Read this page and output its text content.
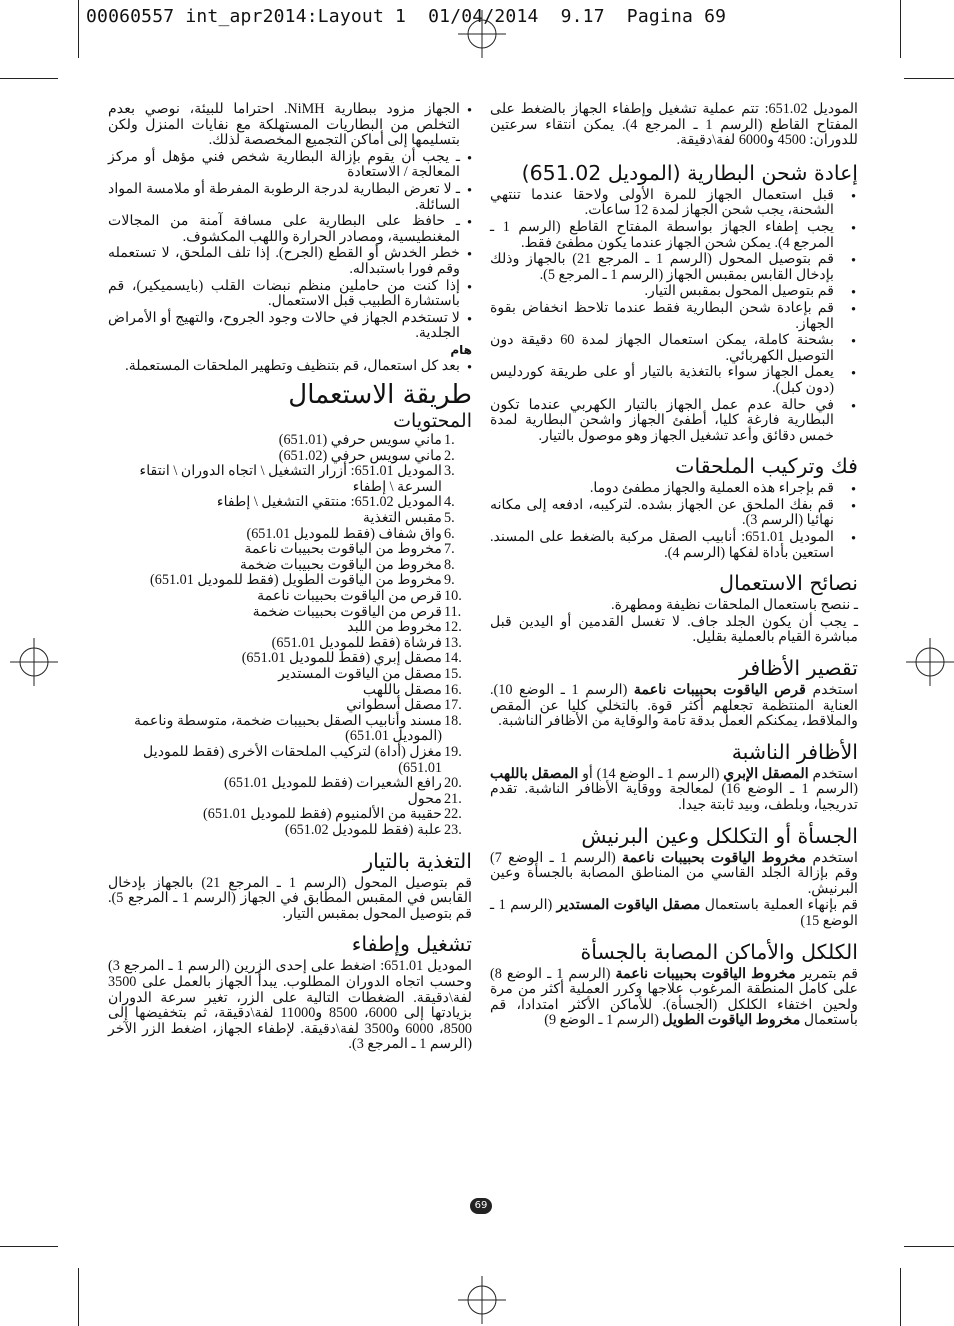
00060557 int_apr2014:Layout 1  01/04/2014  9.17  Pagina 69

الموديل 651.02: تتم عملية تشغيل وإطفاء الجهاز بالضغط على المفتاح القاطع (الرسم 1 ـ المرجع 4). يمكن انتقاء سرعتين للدوران: 4500 و6000 لفة\دقيقة.

إعادة شحن البطارية (الموديل 651.02)
● قبل استعمال الجهاز للمرة الأولى ولاحقا عندما تنتهي الشحنة، يجب شحن الجهاز لمدة 12 ساعات.
● يجب إطفاء الجهاز بواسطة المفتاح القاطع (الرسم 1 ـ المرجع 4). يمكن شحن الجهاز عندما يكون مطفئ فقط.
● قم بتوصيل المحول (الرسم 1 ـ المرجع 21) بالجهاز وذلك بإدخال القابس بمقبس الجهاز (الرسم 1 ـ المرجع 5).
● قم بتوصيل المحول بمقبس التيار.
● قم بإعادة شحن البطارية فقط عندما تلاحظ انخفاض بقوة الجهاز.
● بشحنة كاملة، يمكن استعمال الجهاز لمدة 60 دقيقة دون التوصيل الكهربائي.
● يعمل الجهاز سواء بالتغذية بالتيار أو على طريقة كوردليس (دون كبل).
● في حالة عدم عمل الجهاز بالتيار الكهربي عندما تكون البطارية فارغة كليا، أطفئ الجهاز واشحن البطارية لمدة خمس دقائق وأعد تشغيل الجهاز وهو موصول بالتيار.
فك وتركيب الملحقات
● قم بإجراء هذه العملية والجهاز مطفئ دوما.
● قم بفك الملحق عن الجهاز بشده. لتركيبه، ادفعه إلى مكانه نهائيا (الرسم 3).
● الموديل 651.01: أنابيب الصقل مركبة بالضغط على المسند. استعين بأداة لفكها (الرسم 4).
نصائح الاستعمال

ـ ننصح باستعمال الملحقات نظيفة ومطهرة.

ـ يجب أن يكون الجلد جاف. لا تغسل القدمين أو اليدين قبل مباشرة القيام بالعملية بقليل.

تقصير الأظافر

استخدم قرص الياقوت بحبيبات ناعمة (الرسم 1 ـ الوضع 10). العناية المنتظمة تجعلهم أكثر قوة. بالتخلي كليا عن المقص والملاقط، يمكنكم العمل بدقة تامة والوقاية من الأظافر الناشبة.

الأظافر الناشبة

استخدم المصقل الإبري (الرسم 1 ـ الوضع 14) أو المصقل باللهب (الرسم 1 ـ الوضع 16) لمعالجة ووقاية الأظافر الناشبة. تقدم تدريجيا، وبلطف، وبيد ثابتة جيدا.

الجسأة أو التكلكل وعين البرنيش

استخدم مخروط الياقوت بحبيبات ناعمة (الرسم 1 ـ الوضع 7) وقم بإزالة الجلد القاسي من المناطق المصابة بالجسأة وعين البرنيش.

قم بإنهاء العملية باستعمال مصقل الياقوت المستدير (الرسم 1 ـ الوضع 15)

الكلكل والأماكن المصابة بالجسأة

قم بتمرير مخروط الياقوت بحبيبات ناعمة (الرسم 1 ـ الوضع 8) على كامل المنطقة المرغوب علاجها وكرر العملية أكثر من مرة ولحين اختفاء الكلكل (الجسأة). للأماكن الأكثر امتدادا، قم باستعمال مخروط الياقوت الطويل (الرسم 1 ـ الوضع 9)

● الجهاز مزود ببطارية NiMH. احتراما للبيئة، نوصي بعدم التخلص من البطاريات المستهلكة مع نفايات المنزل ولكن بتسليمها إلى أماكن التجميع المخصصة لذلك.
● ـ يجب أن يقوم بإزالة البطارية شخص فني مؤهل أو مركز المعالجة / الاستعادة
● ـ لا تعرض البطارية لدرجة الرطوبة المفرطة أو ملامسة المواد السائلة.
● ـ حافظ على البطارية على مسافة آمنة من المجالات المغنطيسية، ومصادر الحرارة واللهب المكشوف.
● خطر الخدش أو القطع (الجرح). إذا تلف الملحق، لا تستعمله وقم فورا باستبداله.
● إذا كنت من حاملين منظم نبضات القلب (بايسميكير)، قم باستشارة الطبيب قبل الاستعمال.
● لا تستخدم الجهاز في حالات وجود الجروح، والتهيج أو الأمراض الجلدية.
هام
● بعد كل استعمال، قم بتنظيف وتطهير الملحقات المستعملة.
طريقة الاستعمال
المحتويات
1.
ماني سويس حرفي (651.01)
2.
ماني سويس حرفي (651.02)
3.
الموديل 651.01: أزرار التشغيل \ اتجاه الدوران \ انتقاء السرعة \ إطفاء
4.
الموديل 651.02: منتقي التشغيل \ إطفاء
5.
مقبس التغذية
6.
واق شفاف (فقط للموديل 651.01)
7.
مخروط من الياقوت بحبيبات ناعمة
8.
مخروط من الياقوت بحبيبات ضخمة
9.
مخروط من الياقوت الطويل (فقط للموديل 651.01)
10.
قرص من الياقوت بحبيبات ناعمة
11.
قرص من الياقوت بحبيبات ضخمة
12.
مخروط من اللبد
13.
فرشاة (فقط للموديل 651.01)
14.
مصقل إبري (فقط للموديل 651.01)
15.
مصقل من الياقوت المستدير
16.
مصقل باللهب
17.
مصقل أسطواني
18.
مسند وأنابيب الصقل بحبيبات ضخمة، متوسطة وناعمة (الموديل 651.01)
19.
مغزل (أداة) لتركيب الملحقات الأخرى (فقط للموديل 651.01)
20.
رافع الشعيرات (فقط للموديل 651.01)
21.
محول
22.
حقيبة من الألمنيوم (فقط للموديل 651.01)
23.
علبة (فقط للموديل 651.02)
التغذية بالتيار

قم بتوصيل المحول (الرسم 1 ـ المرجع 21) بالجهاز بإدخال القابس في المقبس المطابق في الجهاز (الرسم 1 ـ المرجع 5). قم بتوصيل المحول بمقبس التيار.

تشغيل وإطفاء

الموديل 651.01: اضغط على إحدى الزرين (الرسم 1 ـ المرجع 3) وحسب اتجاه الدوران المطلوب. يبدأ الجهاز بالعمل على 3500 لفة\دقيقة. الضغطات التالية على الزر، تغير سرعة الدوران بزيادتها إلى 6000، 8500 و11000 لفة\دقيقة، ثم بتخفيضها إلى 8500، 6000 و3500 لفة\دقيقة. لإطفاء الجهاز، اضغط الزر الآخر (الرسم 1 ـ المرجع 3).

69
